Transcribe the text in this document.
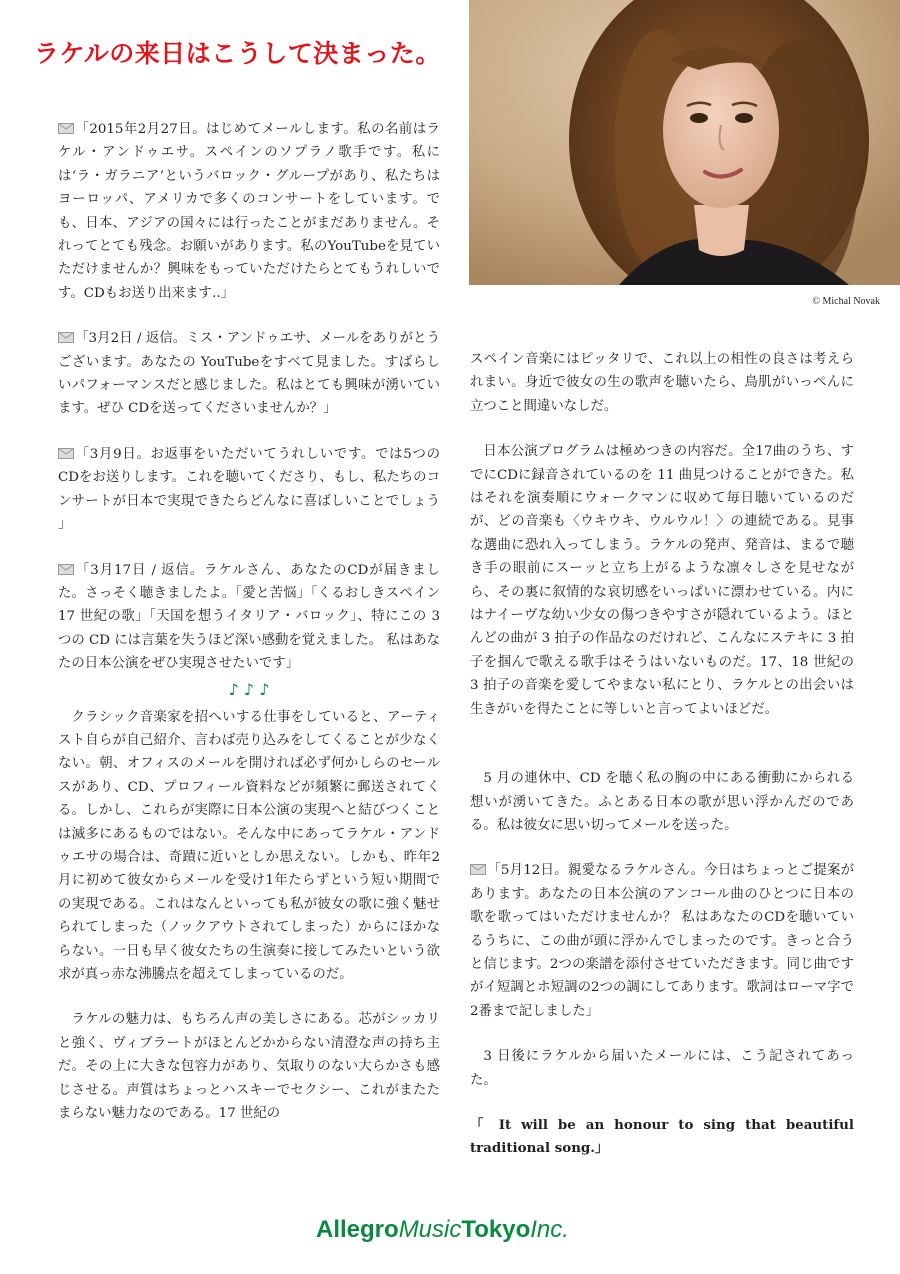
ラケルの来日はこうして決まった。
© Michal Novak

「2015年2月27日。はじめてメールします。私の名前はラケル・アンドゥエサ。スペインのソプラノ歌手です。私には‘ラ・ガラニア’というバロック・グループがあり、私たちはヨーロッパ、アメリカで多くのコンサートをしています。でも、日本、アジアの国々には行ったことがまだありません。それってとても残念。お願いがあります。私のYouTubeを見ていただけませんか？興味をもっていただけたらとてもうれしいです。CDもお送り出来ます‥」

「3月2日 / 返信。ミス・アンドゥエサ、メールをありがとうございます。あなたの YouTubeをすべて見ました。すばらしいパフォーマンスだと感じました。私はとても興味が湧いています。ぜひ CDを送ってくださいませんか？」

「3月9日。お返事をいただいてうれしいです。では5つのCDをお送りします。これを聴いてくださり、もし、私たちのコンサートが日本で実現できたらどんなに喜ばしいことでしょう 」

「3月17日 / 返信。ラケルさん、あなたのCDが届きました。さっそく聴きましたよ。「愛と苦悩」「くるおしきスペイン 17 世紀の歌」「天国を想うイタリア・バロック」、特にこの 3 つの CD には言葉を失うほど深い感動を覚えました。 私はあなたの日本公演をぜひ実現させたいです」

♪ ♪ ♪

クラシック音楽家を招へいする仕事をしていると、アーティスト自らが自己紹介、言わば売り込みをしてくることが少なくない。朝、オフィスのメールを開ければ必ず何かしらのセールスがあり、CD、プロフィール資料などが頻繁に郵送されてくる。しかし、これらが実際に日本公演の実現へと結びつくことは滅多にあるものではない。そんな中にあってラケル・アンドゥエサの場合は、奇蹟に近いとしか思えない。しかも、昨年2月に初めて彼女からメールを受け1年たらずという短い期間での実現である。これはなんといっても私が彼女の歌に強く魅せられてしまった（ノックアウトされてしまった）からにほかならない。一日も早く彼女たちの生演奏に接してみたいという欲求が真っ赤な沸騰点を超えてしまっているのだ。

ラケルの魅力は、もちろん声の美しさにある。芯がシッカリと強く、ヴィブラートがほとんどかからない清澄な声の持ち主だ。その上に大きな包容力があり、気取りのない大らかさも感じさせる。声質はちょっとハスキーでセクシー、これがまたたまらない魅力なのである。17 世紀の

スペイン音楽にはピッタリで、これ以上の相性の良さは考えられまい。身近で彼女の生の歌声を聴いたら、鳥肌がいっぺんに立つこと間違いなしだ。

日本公演プログラムは極めつきの内容だ。全17曲のうち、すでにCDに録音されているのを 11 曲見つけることができた。私はそれを演奏順にウォークマンに収めて毎日聴いているのだが、どの音楽も〈ウキウキ、ウルウル！〉の連続である。見事な選曲に恐れ入ってしまう。ラケルの発声、発音は、まるで聴き手の眼前にスーッと立ち上がるような凛々しさを見せながら、その裏に叙情的な哀切感をいっぱいに漂わせている。内にはナイーヴな幼い少女の傷つきやすさが隠れているよう。ほとんどの曲が 3 拍子の作品なのだけれど、こんなにステキに 3 拍子を掴んで歌える歌手はそうはいないものだ。17、18 世紀の 3 拍子の音楽を愛してやまない私にとり、ラケルとの出会いは生きがいを得たことに等しいと言ってよいほどだ。

5 月の連休中、CD を聴く私の胸の中にある衝動にかられる想いが湧いてきた。ふとある日本の歌が思い浮かんだのである。私は彼女に思い切ってメールを送った。

「5月12日。親愛なるラケルさん。今日はちょっとご提案があります。あなたの日本公演のアンコール曲のひとつに日本の歌を歌ってはいただけませんか？ 私はあなたのCDを聴いているうちに、この曲が頭に浮かんでしまったのです。きっと合うと信じます。2つの楽譜を添付させていただきます。同じ曲ですがイ短調とホ短調の2つの調にしてあります。歌詞はローマ字で2番まで記しました」

3 日後にラケルから届いたメールには、こう記されてあった。

「 It will be an honour to sing that beautiful traditional song.」

AllegroMusicTokyoInc.
